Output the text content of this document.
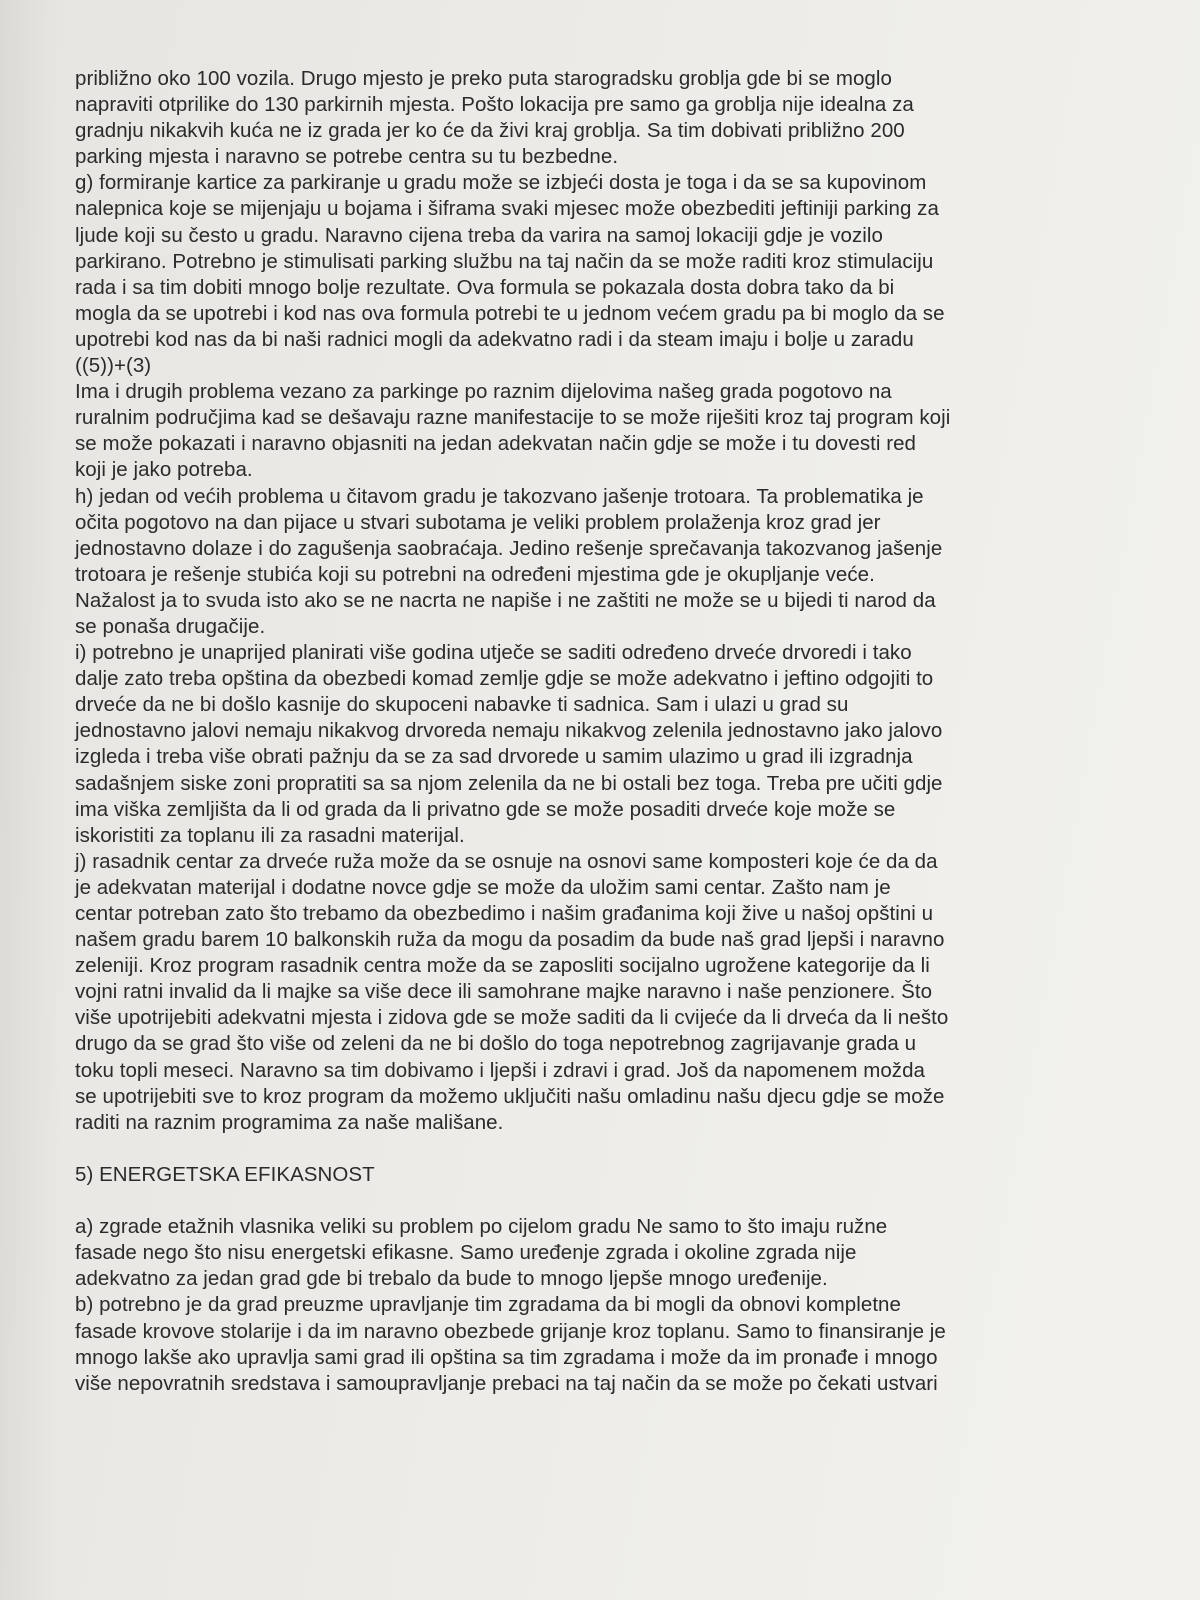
približno oko 100 vozila. Drugo mjesto je preko puta starogradsku groblja gde bi se moglo
napraviti otprilike do 130 parkirnih mjesta. Pošto lokacija pre samo ga groblja nije idealna za
gradnju nikakvih kuća ne iz grada jer ko će da živi kraj groblja. Sa tim dobivati približno 200
parking mjesta i naravno se potrebe centra su tu bezbedne.
g) formiranje kartice za parkiranje u gradu može se izbjeći dosta je toga i da se sa kupovinom
nalepnica koje se mijenjaju u bojama i šiframa svaki mjesec može obezbediti jeftiniji parking za
ljude koji su često u gradu. Naravno cijena treba da varira na samoj lokaciji gdje je vozilo
parkirano. Potrebno je stimulisati parking službu na taj način da se može raditi kroz stimulaciju
rada i sa tim dobiti mnogo bolje rezultate. Ova formula se pokazala dosta dobra tako da bi
mogla da se upotrebi i kod nas ova formula potrebi te u jednom većem gradu pa bi moglo da se
upotrebi kod nas da bi naši radnici mogli da adekvatno radi i da steam imaju i bolje u zaradu
((5))+(3)
Ima i drugih problema vezano za parkinge po raznim dijelovima našeg grada pogotovo na
ruralnim područjima kad se dešavaju razne manifestacije to se može riješiti kroz taj program koji
se može pokazati i naravno objasniti na jedan adekvatan način gdje se može i tu dovesti red
koji je jako potreba.
h) jedan od većih problema u čitavom gradu je takozvano jašenje trotoara. Ta problematika je
očita pogotovo na dan pijace u stvari subotama je veliki problem prolaženja kroz grad jer
jednostavno dolaze i do zagušenja saobraćaja. Jedino rešenje sprečavanja takozvanog jašenje
trotoara je rešenje stubića koji su potrebni na određeni mjestima gde je okupljanje veće.
Nažalost ja to svuda isto ako se ne nacrta ne napiše i ne zaštiti ne može se u bijedi ti narod da
se ponaša drugačije.
i) potrebno je unaprijed planirati više godina utječe se saditi određeno drveće drvoredi i tako
dalje zato treba opština da obezbedi komad zemlje gdje se može adekvatno i jeftino odgojiti to
drveće da ne bi došlo kasnije do skupoceni nabavke ti sadnica. Sam i ulazi u grad su
jednostavno jalovi nemaju nikakvog drvoreda nemaju nikakvog zelenila jednostavno jako jalovo
izgleda i treba više obrati pažnju da se za sad drvorede u samim ulazimo u grad ili izgradnja
sadašnjem siske zoni propratiti sa sa njom zelenila da ne bi ostali bez toga. Treba pre učiti gdje
ima viška zemljišta da li od grada da li privatno gde se može posaditi drveće koje može se
iskoristiti za toplanu ili za rasadni materijal.
j) rasadnik centar za drveće ruža može da se osnuje na osnovi same komposteri koje će da da
je adekvatan materijal i dodatne novce gdje se može da uložim sami centar. Zašto nam je
centar potreban zato što trebamo da obezbedimo i našim građanima koji žive u našoj opštini u
našem gradu barem 10 balkonskih ruža da mogu da posadim da bude naš grad ljepši i naravno
zeleniji. Kroz program rasadnik centra može da se zaposliti socijalno ugrožene kategorije da li
vojni ratni invalid da li majke sa više dece ili samohrane majke naravno i naše penzionere. Što
više upotrijebiti adekvatni mjesta i zidova gde se može saditi da li cvijeće da li drveća da li nešto
drugo da se grad što više od zeleni da ne bi došlo do toga nepotrebnog zagrijavanje grada u
toku topli meseci. Naravno sa tim dobivamo i ljepši i zdravi i grad. Još da napomenem možda
se upotrijebiti sve to kroz program da možemo uključiti našu omladinu našu djecu gdje se može
raditi na raznim programima za naše mališane.
5) ENERGETSKA EFIKASNOST
a) zgrade etažnih vlasnika veliki su problem po cijelom gradu Ne samo to što imaju ružne
fasade nego što nisu energetski efikasne. Samo uređenje zgrada i okoline zgrada nije
adekvatno za jedan grad gde bi trebalo da bude to mnogo ljepše mnogo uređenije.
b) potrebno je da grad preuzme upravljanje tim zgradama da bi mogli da obnovi kompletne
fasade krovove stolarije i da im naravno obezbede grijanje kroz toplanu. Samo to finansiranje je
mnogo lakše ako upravlja sami grad ili opština sa tim zgradama i može da im pronađe i mnogo
više nepovratnih sredstava i samoupravljanje prebaci na taj način da se može po čekati ustvari
